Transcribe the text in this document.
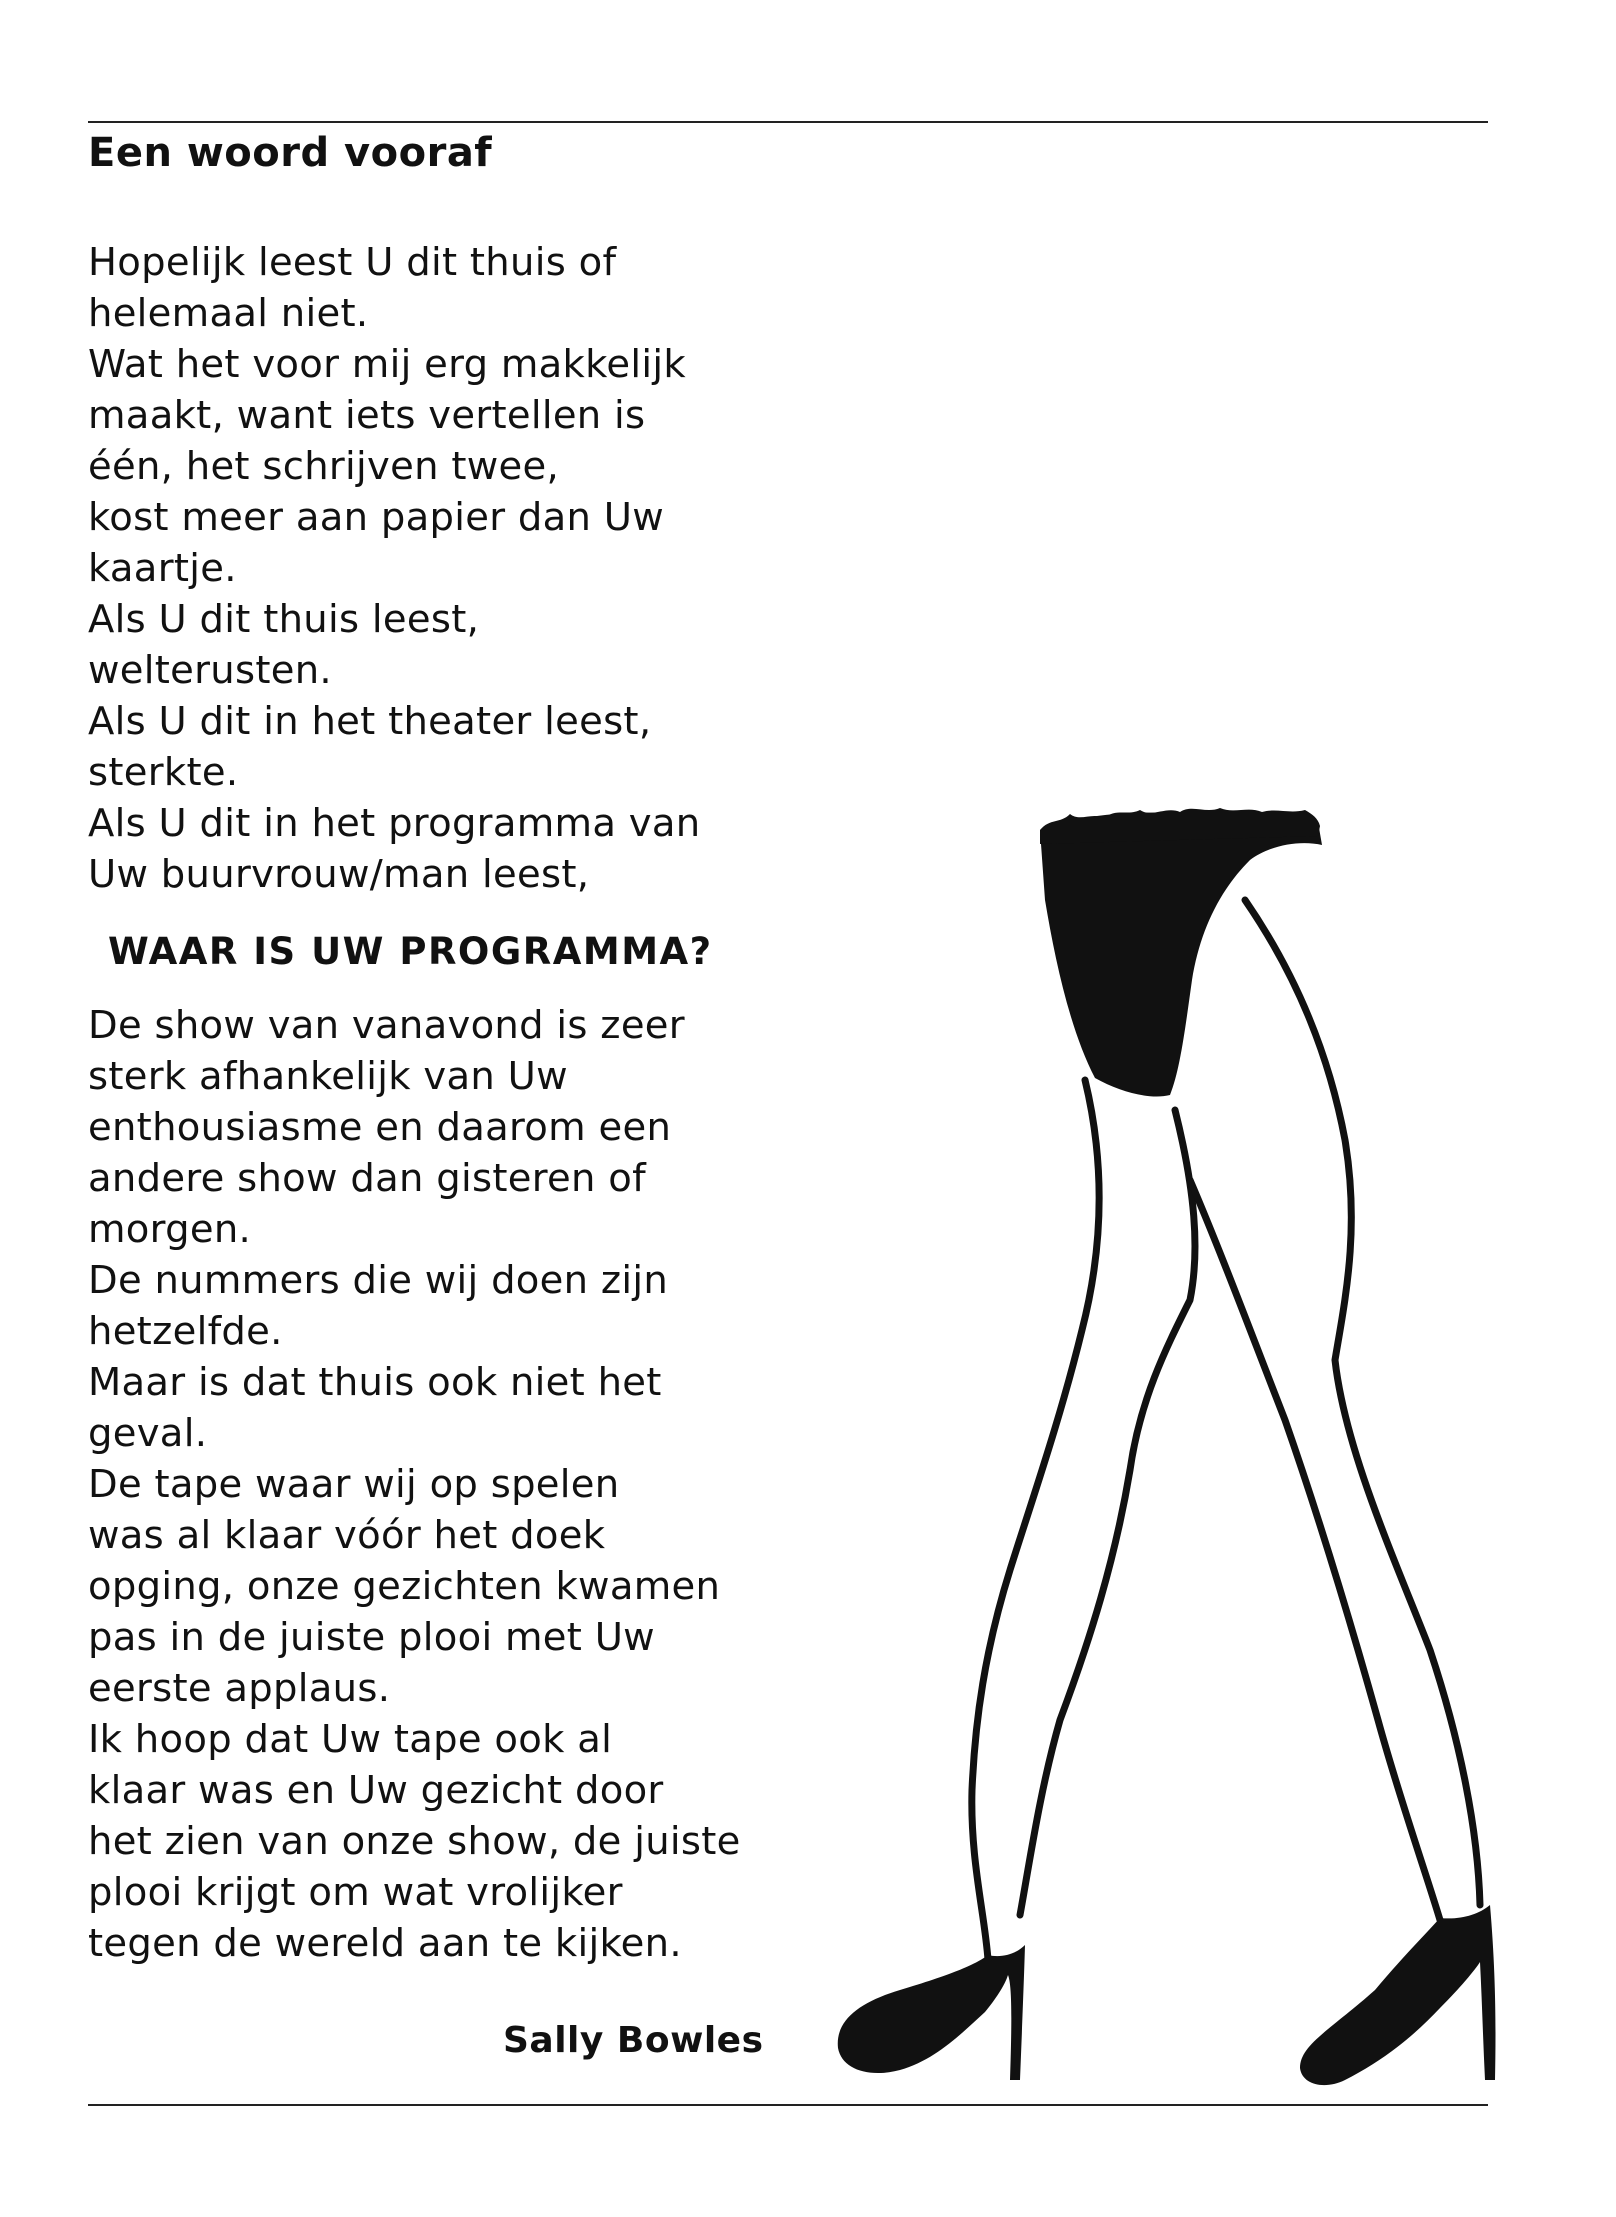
Een woord vooraf
Hopelijk leest U dit thuis of
helemaal niet.
Wat het voor mij erg makkelijk
maakt, want iets vertellen is
één, het schrijven twee,
kost meer aan papier dan Uw
kaartje.
Als U dit thuis leest,
welterusten.
Als U dit in het theater leest,
sterkte.
Als U dit in het programma van
Uw buurvrouw/man leest,
WAAR IS UW PROGRAMMA?
De show van vanavond is zeer
sterk afhankelijk van Uw
enthousiasme en daarom een
andere show dan gisteren of
morgen.
De nummers die wij doen zijn
hetzelfde.
Maar is dat thuis ook niet het
geval.
De tape waar wij op spelen
was al klaar vóór het doek
opging, onze gezichten kwamen
pas in de juiste plooi met Uw
eerste applaus.
Ik hoop dat Uw tape ook al
klaar was en Uw gezicht door
het zien van onze show, de juiste
plooi krijgt om wat vrolijker
tegen de wereld aan te kijken.
Sally Bowles
